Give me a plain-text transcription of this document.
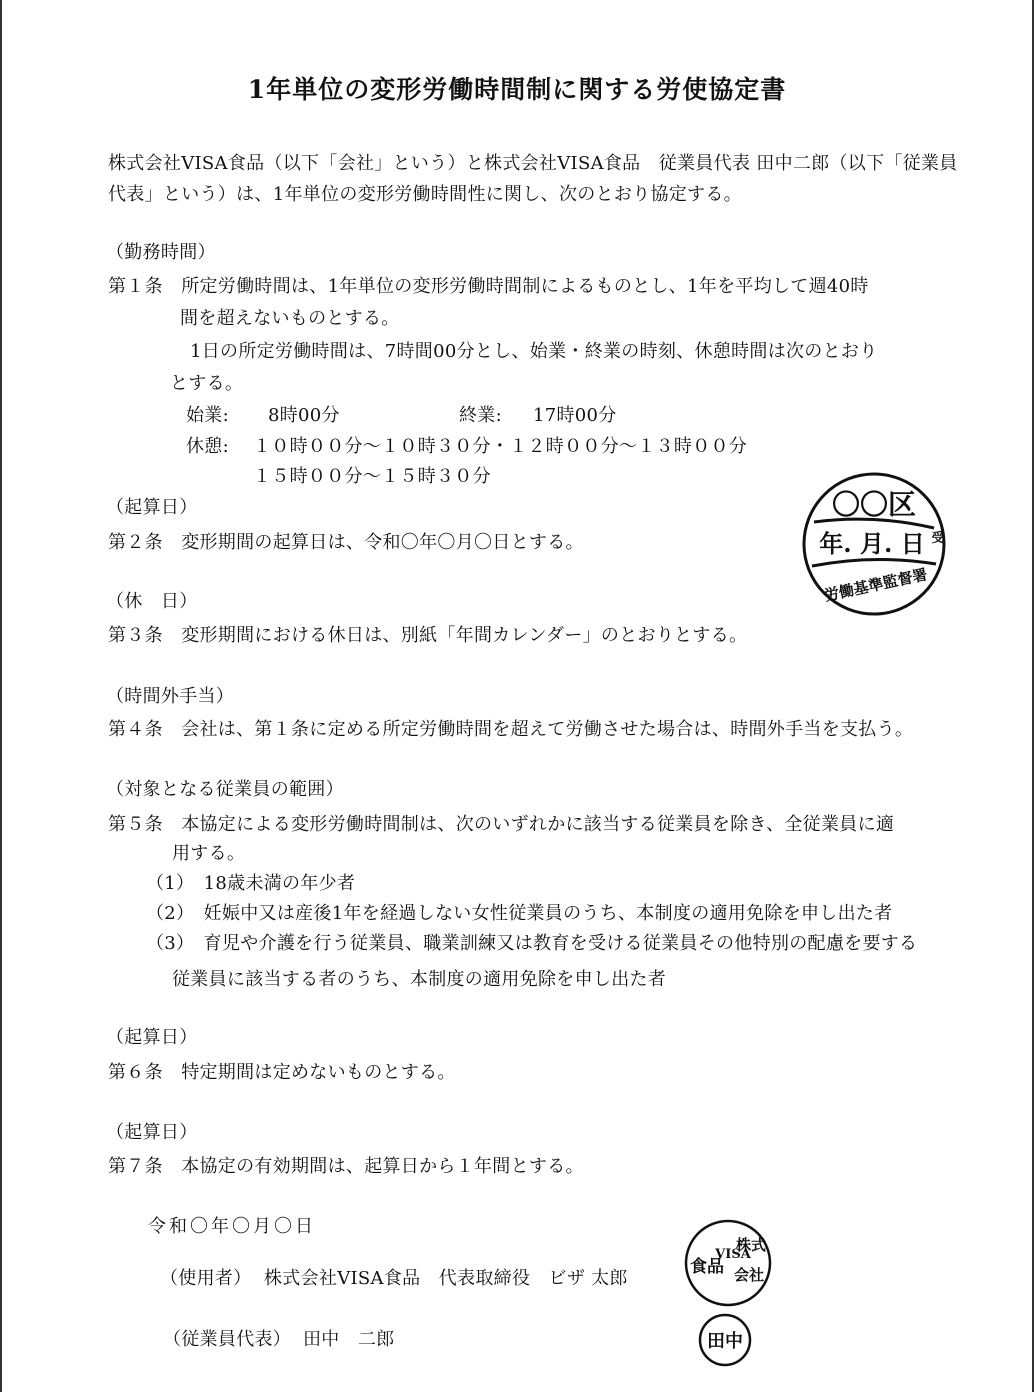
1年単位の変形労働時間制に関する労使協定書
株式会社VISA食品（以下「会社」という）と株式会社VISA食品　従業員代表 田中二郎（以下「従業員
代表」という）は、1年単位の変形労働時間性に関し、次のとおり協定する。
（勤務時間）
第１条　所定労働時間は、1年単位の変形労働時間制によるものとし、1年を平均して週40時
間を超えないものとする。
1日の所定労働時間は、7時間00分とし、始業・終業の時刻、休憩時間は次のとおり
とする。
始業: 8時00分	終業: 17時00分
休憩: １０時００分～１０時３０分・１２時００分～１３時００分
１５時００分～１５時３０分
（起算日）
第２条　変形期間の起算日は、令和〇年〇月〇日とする。
（休　日）
第３条　変形期間における休日は、別紙「年間カレンダー」のとおりとする。
（時間外手当）
第４条　会社は、第１条に定める所定労働時間を超えて労働させた場合は、時間外手当を支払う。
（対象となる従業員の範囲）
第５条　本協定による変形労働時間制は、次のいずれかに該当する従業員を除き、全従業員に適
用する。
（1）　18歳未満の年少者
（2）　妊娠中又は産後1年を経過しない女性従業員のうち、本制度の適用免除を申し出た者
（3）　育児や介護を行う従業員、職業訓練又は教育を受ける従業員その他特別の配慮を要する
従業員に該当する者のうち、本制度の適用免除を申し出た者
（起算日）
第６条　特定期間は定めないものとする。
（起算日）
第７条　本協定の有効期間は、起算日から１年間とする。
令和〇年〇月〇日
（使用者） 株式会社VISA食品　代表取締役　ビザ 太郎
（従業員代表） 田中　二郎
〇〇区
年. 月. 日 受
労働基準監督署
株式
VISA
食品 会社
田中
